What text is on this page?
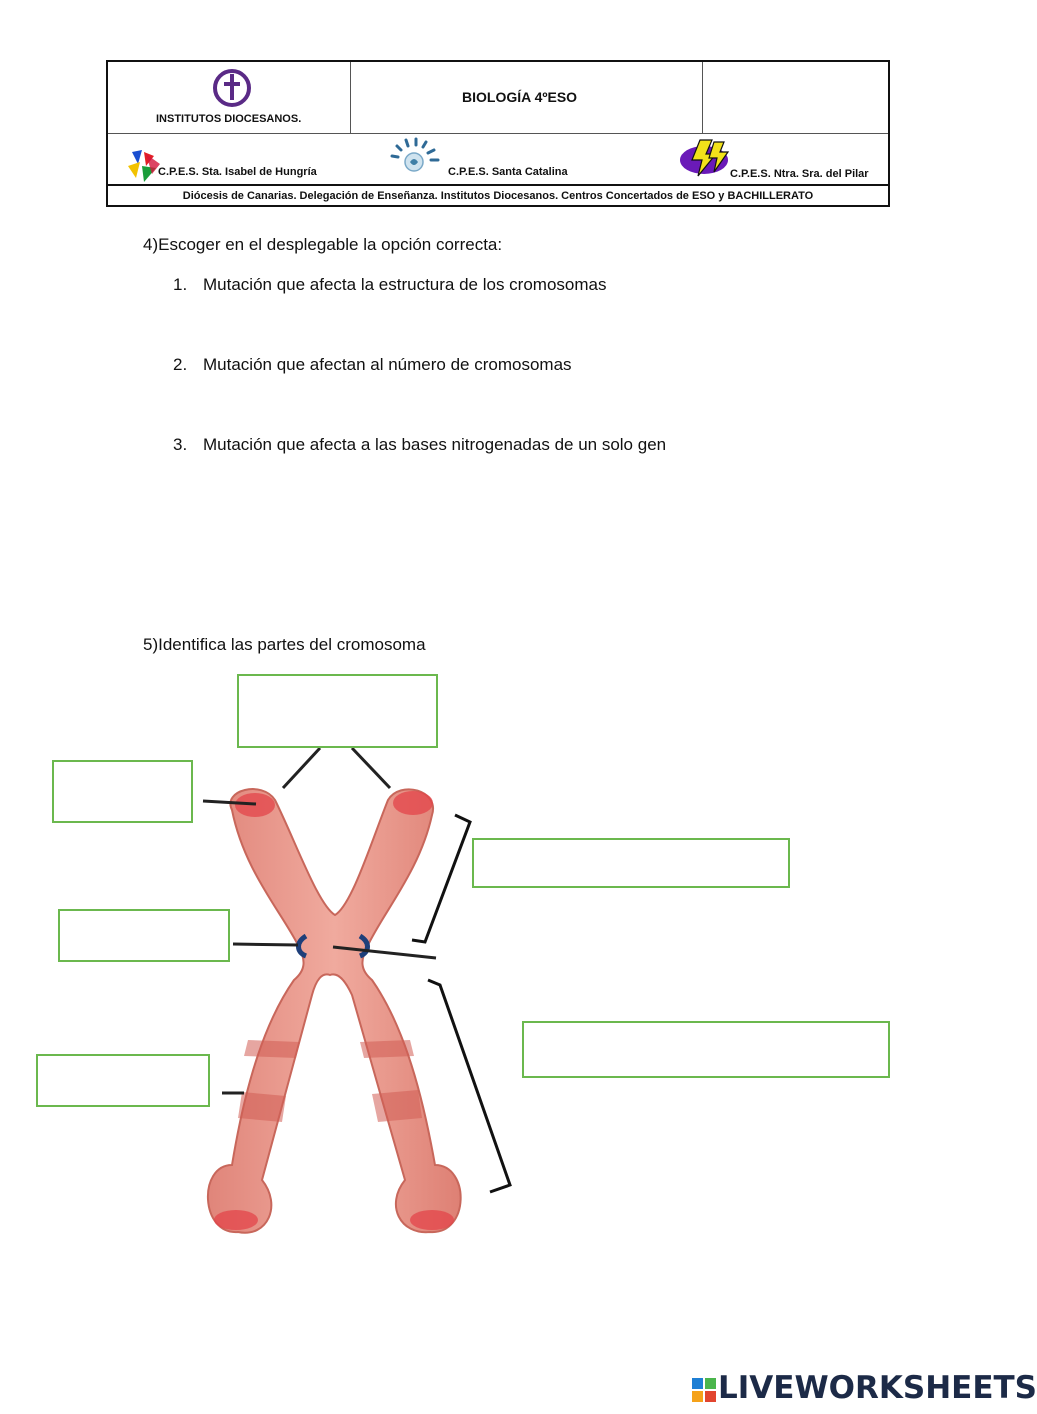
INSTITUTOS DIOCESANOS.
BIOLOGÍA 4ºESO
C.P.E.S. Sta. Isabel de Hungría	C.P.E.S. Santa Catalina	C.P.E.S. Ntra. Sra. del Pilar
Diócesis de Canarias. Delegación de Enseñanza. Institutos Diocesanos. Centros Concertados de ESO y BACHILLERATO
4)Escoger en el desplegable la opción correcta:
1. Mutación que afecta la estructura de los cromosomas
2. Mutación que afectan al número de cromosomas
3. Mutación que afecta a las bases nitrogenadas de un solo gen
5)Identifica las partes del cromosoma
LIVEWORKSHEETS
